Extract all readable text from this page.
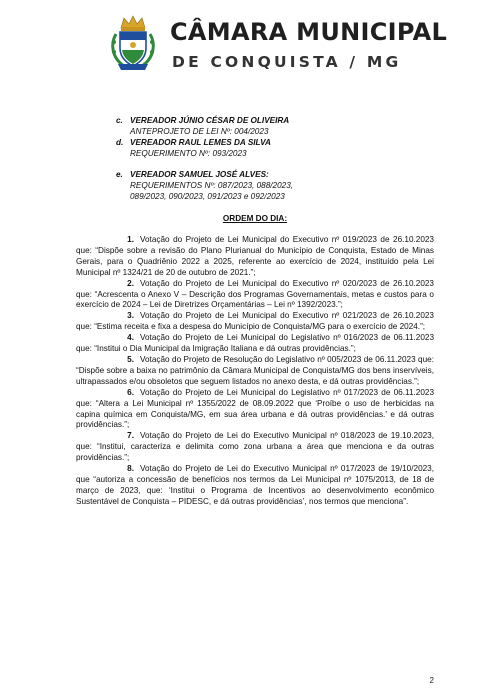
CÂMARA MUNICIPAL
DE CONQUISTA / MG
c. VEREADOR JÚNIO CÉSAR DE OLIVEIRA
ANTEPROJETO DE LEI Nº: 004/2023
d. VEREADOR RAUL LEMES DA SILVA
REQUERIMENTO Nº: 093/2023
e. VEREADOR SAMUEL JOSÉ ALVES:
REQUERIMENTOS Nº: 087/2023, 088/2023,
089/2023, 090/2023, 091/2023 e 092/2023
ORDEM DO DIA:
1. Votação do Projeto de Lei Municipal do Executivo nº 019/2023 de 26.10.2023 que: “Dispõe sobre a revisão do Plano Plurianual do Município de Conquista, Estado de Minas Gerais, para o Quadriênio 2022 a 2025, referente ao exercício de 2024, instituído pela Lei Municipal nº 1324/21 de 20 de outubro de 2021.”;
2. Votação do Projeto de Lei Municipal do Executivo nº 020/2023 de 26.10.2023 que: “Acrescenta o Anexo V – Descrição dos Programas Governamentais, metas e custos para o exercício de 2024 – Lei de Diretrizes Orçamentárias – Lei nº 1392/2023.”;
3. Votação do Projeto de Lei Municipal do Executivo nº 021/2023 de 26.10.2023 que: “Estima receita e fixa a despesa do Município de Conquista/MG para o exercício de 2024.”;
4. Votação do Projeto de Lei Municipal do Legislativo nº 016/2023 de 06.11.2023 que: “Institui o Dia Municipal da Imigração Italiana e dá outras providências.”;
5. Votação do Projeto de Resolução do Legislativo nº 005/2023 de 06.11.2023 que: “Dispõe sobre a baixa no patrimônio da Câmara Municipal de Conquista/MG dos bens inservíveis, ultrapassados e/ou obsoletos que seguem listados no anexo desta, e dá outras providências.”;
6. Votação do Projeto de Lei Municipal do Legislativo nº 017/2023 de 06.11.2023 que: “Altera a Lei Municipal nº 1355/2022 de 08.09.2022 que ‘Proíbe o uso de herbicidas na capina química em Conquista/MG, em sua área urbana e dá outras providências.’ e dá outras providências.”;
7. Votação do Projeto de Lei do Executivo Municipal nº 018/2023 de 19.10.2023, que: “Institui, caracteriza e delimita como zona urbana a área que menciona e da outras providências.”;
8. Votação do Projeto de Lei do Executivo Municipal nº 017/2023 de 19/10/2023, que “autoriza a concessão de benefícios nos termos da Lei Municipal nº 1075/2013, de 18 de março de 2023, que: ‘Institui o Programa de Incentivos ao desenvolvimento econômico Sustentável de Conquista – PIDESC, e dá outras providências’, nos termos que menciona”.
2
